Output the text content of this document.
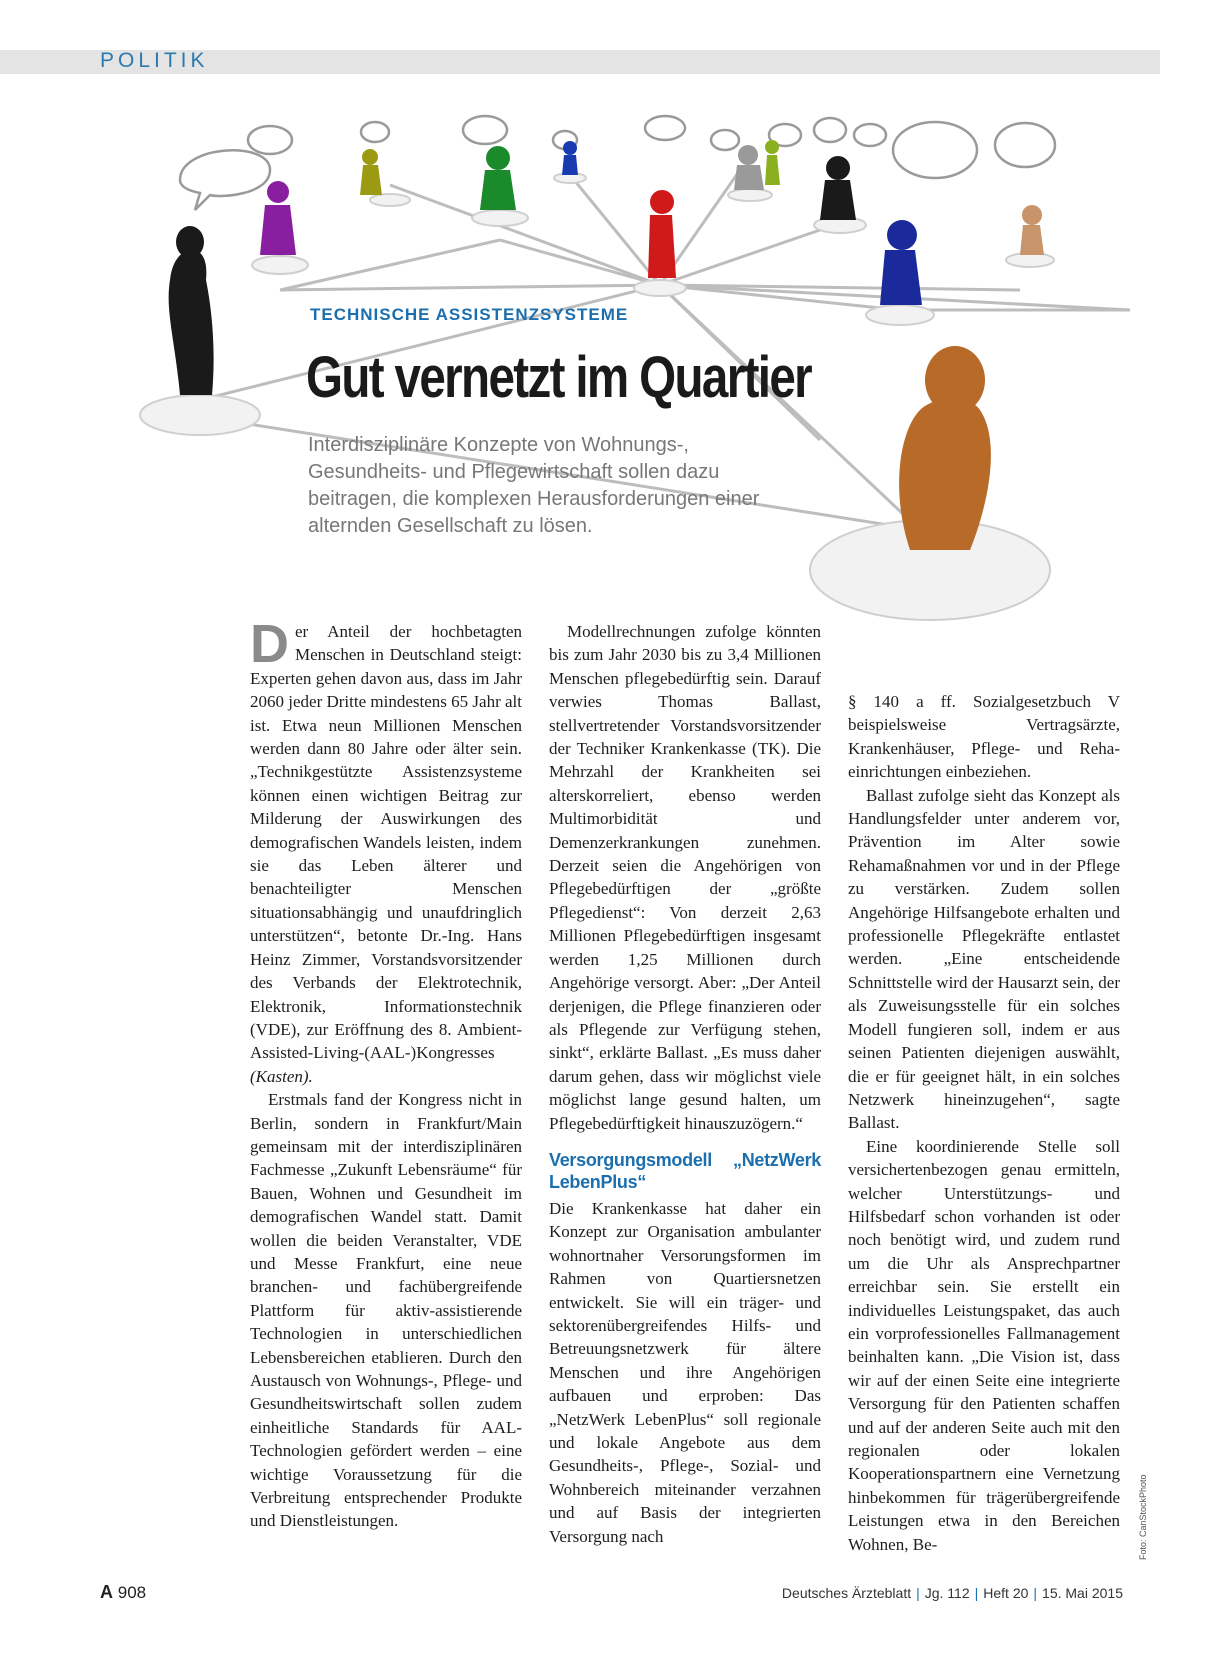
POLITIK
TECHNISCHE ASSISTENZSYSTEME
Gut vernetzt im Quartier
Interdisziplinäre Konzepte von Wohnungs-, Gesundheits- und Pflegewirtschaft sollen dazu beitragen, die komplexen Herausforderungen einer alternden Gesellschaft zu lösen.

Der Anteil der hochbetagten Menschen in Deutschland steigt: Experten gehen davon aus, dass im Jahr 2060 jeder Dritte mindestens 65 Jahr alt ist. Etwa neun Millionen Menschen werden dann 80 Jahre oder älter sein. „Technikgestützte Assistenzsysteme können einen wichtigen Beitrag zur Milderung der Auswirkungen des demografischen Wandels leisten, indem sie das Leben älterer und benachteiligter Menschen situationsabhängig und unaufdringlich unterstützen“, betonte Dr.-Ing. Hans Heinz Zimmer, Vorstandsvorsitzender des Verbands der Elektrotechnik, Elektronik, Informationstechnik (VDE), zur Eröffnung des 8. Ambient-Assisted-Living-(AAL-)Kongresses (Kasten).

Erstmals fand der Kongress nicht in Berlin, sondern in Frankfurt/Main gemeinsam mit der interdisziplinären Fachmesse „Zukunft Lebensräume“ für Bauen, Wohnen und Gesundheit im demografischen Wandel statt. Damit wollen die beiden Veranstalter, VDE und Messe Frankfurt, eine neue branchen- und fachübergreifende Plattform für aktiv-assistierende Technologien in unterschiedlichen Lebensbereichen etablieren. Durch den Austausch von Wohnungs-, Pflege- und Gesundheitswirtschaft sollen zudem einheitliche Standards für AAL-Technologien gefördert werden – eine wichtige Voraussetzung für die Verbreitung entsprechender Produkte und Dienstleistungen.

Modellrechnungen zufolge könnten bis zum Jahr 2030 bis zu 3,4 Millionen Menschen pflegebedürftig sein. Darauf verwies Thomas Ballast, stellvertretender Vorstandsvorsitzender der Techniker Krankenkasse (TK). Die Mehrzahl der Krankheiten sei alterskorreliert, ebenso werden Multimorbidität und Demenzerkrankungen zunehmen. Derzeit seien die Angehörigen von Pflegebedürftigen der „größte Pflegedienst“: Von derzeit 2,63 Millionen Pflegebedürftigen insgesamt werden 1,25 Millionen durch Angehörige versorgt. Aber: „Der Anteil derjenigen, die Pflege finanzieren oder als Pflegende zur Verfügung stehen, sinkt“, erklärte Ballast. „Es muss daher darum gehen, dass wir möglichst viele möglichst lange gesund halten, um Pflegebedürftigkeit hinauszuzögern.“

Versorgungsmodell „NetzWerk LebenPlus“

Die Krankenkasse hat daher ein Konzept zur Organisation ambulanter wohnortnaher Versorungsformen im Rahmen von Quartiersnetzen entwickelt. Sie will ein träger- und sektorenübergreifendes Hilfs- und Betreuungsnetzwerk für ältere Menschen und ihre Angehörigen aufbauen und erproben: Das „NetzWerk LebenPlus“ soll regionale und lokale Angebote aus dem Gesundheits-, Pflege-, Sozial- und Wohnbereich miteinander verzahnen und auf Basis der integrierten Versorgung nach

§ 140 a ff. Sozialgesetzbuch V beispielsweise Vertragsärzte, Krankenhäuser, Pflege- und Rehaeinrichtungen einbeziehen.

Ballast zufolge sieht das Konzept als Handlungsfelder unter anderem vor, Prävention im Alter sowie Rehamaßnahmen vor und in der Pflege zu verstärken. Zudem sollen Angehörige Hilfsangebote erhalten und professionelle Pflegekräfte entlastet werden. „Eine entscheidende Schnittstelle wird der Hausarzt sein, der als Zuweisungsstelle für ein solches Modell fungieren soll, indem er aus seinen Patienten diejenigen auswählt, die er für geeignet hält, in ein solches Netzwerk hineinzugehen“, sagte Ballast.

Eine koordinierende Stelle soll versichertenbezogen genau ermitteln, welcher Unterstützungs- und Hilfsbedarf schon vorhanden ist oder noch benötigt wird, und zudem rund um die Uhr als Ansprechpartner erreichbar sein. Sie erstellt ein individuelles Leistungspaket, das auch ein vorprofessionelles Fallmanagement beinhalten kann. „Die Vision ist, dass wir auf der einen Seite eine integrierte Versorgung für den Patienten schaffen und auf der anderen Seite auch mit den regionalen oder lokalen Kooperationspartnern eine Vernetzung hinbekommen für trägerübergreifende Leistungen etwa in den Bereichen Wohnen, Be-	Foto: CanStockPhoto
A 908	Deutsches Ärzteblatt | Jg. 112 | Heft 20 | 15. Mai 2015
